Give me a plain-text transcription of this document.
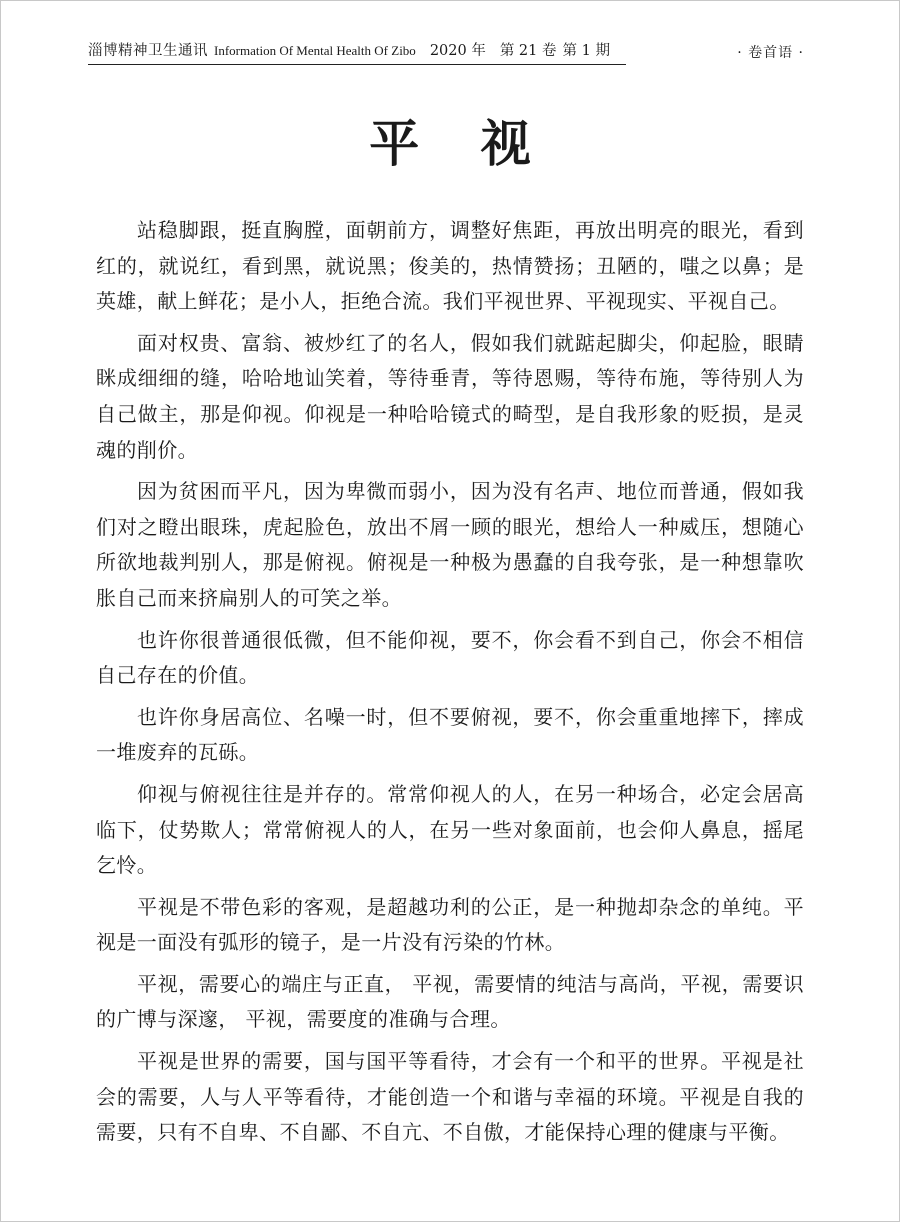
淄博精神卫生通讯 Information Of Mental Health Of Zibo 2020 年 第 21 卷 第 1 期	· 卷首语 ·
平 视

站稳脚跟，挺直胸膛，面朝前方，调整好焦距，再放出明亮的眼光，看到红的，就说红，看到黑，就说黑；俊美的，热情赞扬；丑陋的，嗤之以鼻；是英雄，献上鲜花；是小人，拒绝合流。我们平视世界、平视现实、平视自己。

面对权贵、富翁、被炒红了的名人，假如我们就踮起脚尖，仰起脸，眼睛眯成细细的缝，哈哈地讪笑着，等待垂青，等待恩赐，等待布施，等待别人为自己做主，那是仰视。仰视是一种哈哈镜式的畸型，是自我形象的贬损，是灵魂的削价。

因为贫困而平凡，因为卑微而弱小，因为没有名声、地位而普通，假如我们对之瞪出眼珠，虎起脸色，放出不屑一顾的眼光，想给人一种威压，想随心所欲地裁判别人，那是俯视。俯视是一种极为愚蠢的自我夸张，是一种想靠吹胀自己而来挤扁别人的可笑之举。

也许你很普通很低微，但不能仰视，要不，你会看不到自己，你会不相信自己存在的价值。

也许你身居高位、名噪一时，但不要俯视，要不，你会重重地摔下，摔成一堆废弃的瓦砾。

仰视与俯视往往是并存的。常常仰视人的人，在另一种场合，必定会居高临下，仗势欺人；常常俯视人的人，在另一些对象面前，也会仰人鼻息，摇尾乞怜。

平视是不带色彩的客观，是超越功利的公正，是一种抛却杂念的单纯。平视是一面没有弧形的镜子，是一片没有污染的竹林。

平视，需要心的端庄与正直， 平视，需要情的纯洁与高尚，平视，需要识的广博与深邃， 平视，需要度的准确与合理。

平视是世界的需要，国与国平等看待，才会有一个和平的世界。平视是社会的需要，人与人平等看待，才能创造一个和谐与幸福的环境。平视是自我的需要，只有不自卑、不自鄙、不自亢、不自傲，才能保持心理的健康与平衡。
